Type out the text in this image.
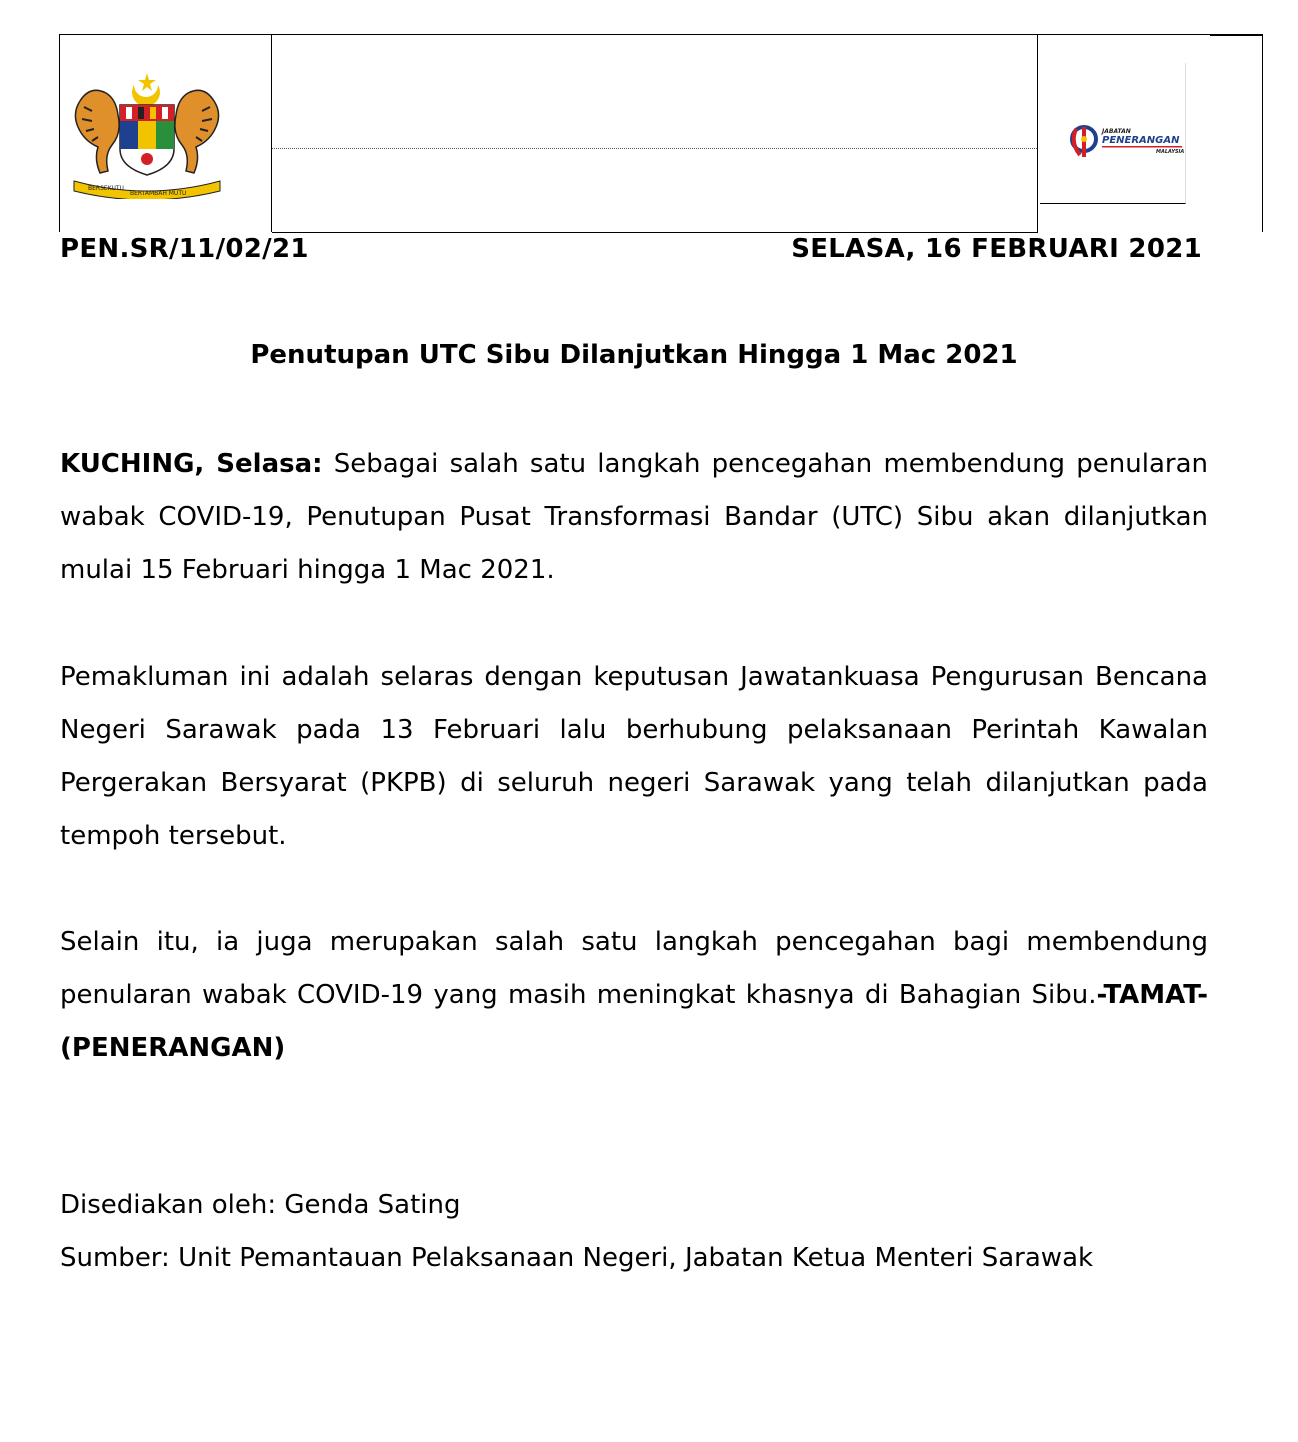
BERSEKUTU
BERTAMBAH MUTU
JABATAN
PENERANGAN
MALAYSIA
PEN.SR/11/02/21	SELASA, 16 FEBRUARI 2021
Penutupan UTC Sibu Dilanjutkan Hingga 1 Mac 2021
KUCHING, Selasa: Sebagai salah satu langkah pencegahan membendung penularan wabak COVID-19, Penutupan Pusat Transformasi Bandar (UTC) Sibu akan dilanjutkan mulai 15 Februari hingga 1 Mac 2021.
Pemakluman ini adalah selaras dengan keputusan Jawatankuasa Pengurusan Bencana Negeri Sarawak pada 13 Februari lalu berhubung pelaksanaan Perintah Kawalan Pergerakan Bersyarat (PKPB) di seluruh negeri Sarawak yang telah dilanjutkan pada tempoh tersebut.
Selain itu, ia juga merupakan salah satu langkah pencegahan bagi membendung penularan wabak COVID-19 yang masih meningkat khasnya di Bahagian Sibu.-TAMAT-(PENERANGAN)
Disediakan oleh: Genda Sating
Sumber: Unit Pemantauan Pelaksanaan Negeri, Jabatan Ketua Menteri Sarawak
